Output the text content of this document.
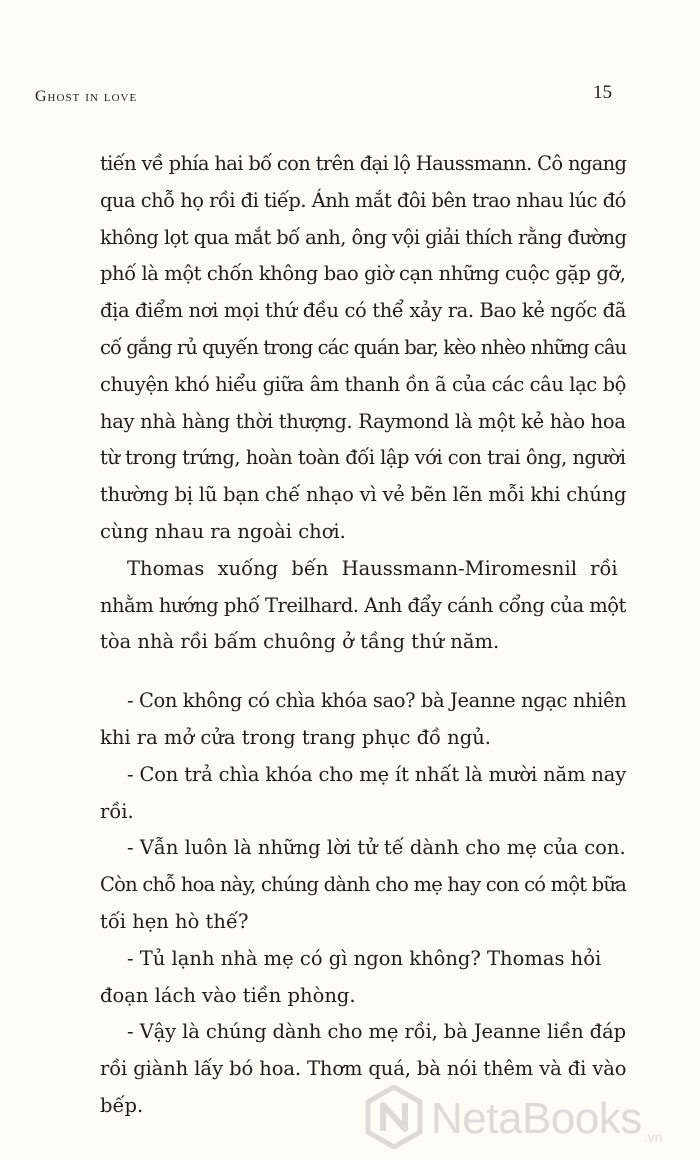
Ghost in love	15
tiến về phía hai bố con trên đại lộ Haussmann. Cô ngang
qua chỗ họ rồi đi tiếp. Ánh mắt đôi bên trao nhau lúc đó
không lọt qua mắt bố anh, ông vội giải thích rằng đường
phố là một chốn không bao giờ cạn những cuộc gặp gỡ,
địa điểm nơi mọi thứ đều có thể xảy ra. Bao kẻ ngốc đã
cố gắng rủ quyến trong các quán bar, kèo nhèo những câu
chuyện khó hiểu giữa âm thanh ồn ã của các câu lạc bộ
hay nhà hàng thời thượng. Raymond là một kẻ hào hoa
từ trong trứng, hoàn toàn đối lập với con trai ông, người
thường bị lũ bạn chế nhạo vì vẻ bẽn lẽn mỗi khi chúng
cùng nhau ra ngoài chơi.
Thomas xuống bến Haussmann-Miromesnil rồi
nhằm hướng phố Treilhard. Anh đẩy cánh cổng của một
tòa nhà rồi bấm chuông ở tầng thứ năm.
- Con không có chìa khóa sao? bà Jeanne ngạc nhiên
khi ra mở cửa trong trang phục đồ ngủ.
- Con trả chìa khóa cho mẹ ít nhất là mười năm nay
rồi.
- Vẫn luôn là những lời tử tế dành cho mẹ của con.
Còn chỗ hoa này, chúng dành cho mẹ hay con có một bữa
tối hẹn hò thế?
- Tủ lạnh nhà mẹ có gì ngon không? Thomas hỏi
đoạn lách vào tiền phòng.
- Vậy là chúng dành cho mẹ rồi, bà Jeanne liền đáp
rồi giành lấy bó hoa. Thơm quá, bà nói thêm và đi vào
bếp.	NetaBooks .vn
